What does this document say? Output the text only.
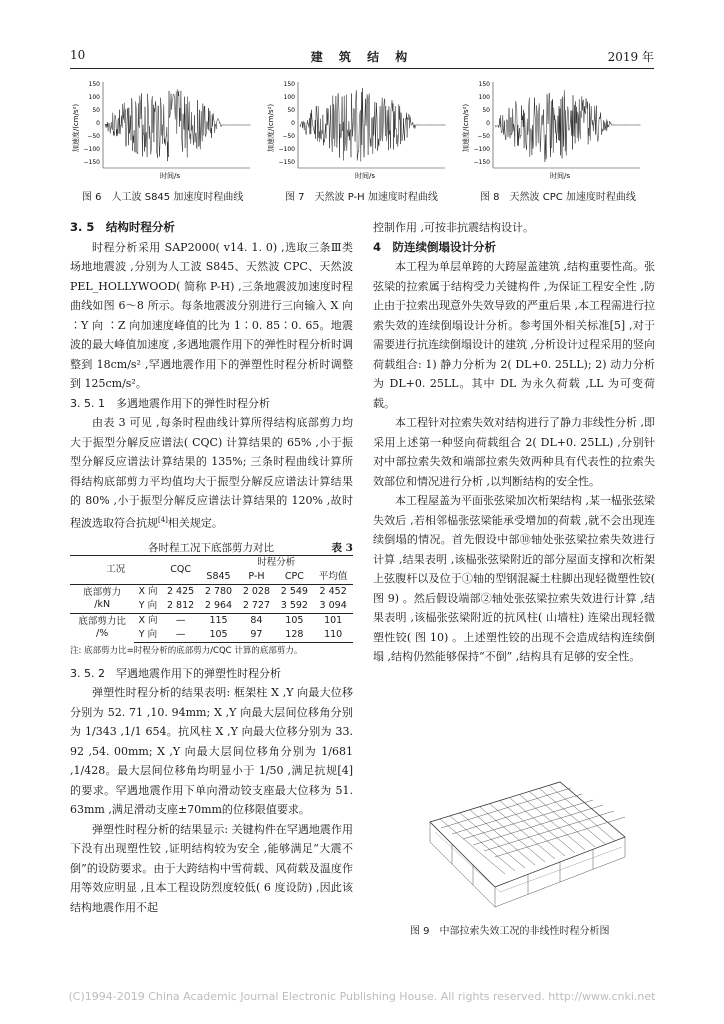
10	建 筑 结 构	2019 年
加速度/(cm/s²)
150
100
50
0
−50
−100
−150
时间/s
加速度/(cm/s²)
150
100
50
0
−50
−100
−150
时间/s
加速度/(cm/s²)
150
100
50
0
−50
−100
−150
时间/s
图 6　人工波 S845 加速度时程曲线	图 7　天然波 P-H 加速度时程曲线	图 8　天然波 CPC 加速度时程曲线
3. 5　结构时程分析

时程分析采用 SAP2000( v14. 1. 0) ,选取三条Ⅲ类场地地震波 ,分别为人工波 S845、天然波 CPC、天然波 PEL_HOLLYWOOD( 简称 P-H) ,三条地震波加速度时程曲线如图 6～8 所示。每条地震波分别进行三向输入 X 向 ∶Y 向 ∶Z 向加速度峰值的比为 1∶0. 85∶0. 65。地震波的最大峰值加速度 ,多遇地震作用下的弹性时程分析时调整到 18cm/s² ,罕遇地震作用下的弹塑性时程分析时调整到 125cm/s²。

3. 5. 1　多遇地震作用下的弹性时程分析

由表 3 可见 ,每条时程曲线计算所得结构底部剪力均大于振型分解反应谱法( CQC) 计算结果的 65% ,小于振型分解反应谱法计算结果的 135%; 三条时程曲线计算所得结构底部剪力平均值均大于振型分解反应谱法计算结果的 80% ,小于振型分解反应谱法计算结果的 120% ,故时程波选取符合抗规[4]相关规定。

各时程工况下底部剪力对比	表 3
工况		CQC	时程分析			
			S845	P-H	CPC	平均值
底部剪力
/kN	X 向	2 425	2 780	2 028	2 549	2 452
	Y 向	2 812	2 964	2 727	3 592	3 094
底部剪力比
/%	X 向	—	115	84	105	101
	Y 向	—	105	97	128	110
注: 底部剪力比=时程分析的底部剪力/CQC 计算的底部剪力。
3. 5. 2　罕遇地震作用下的弹塑性时程分析

弹塑性时程分析的结果表明: 框架柱 X ,Y 向最大位移分别为 52. 71 ,10. 94mm; X ,Y 向最大层间位移角分别为 1/343 ,1/1 654。抗风柱 X ,Y 向最大位移分别为 33. 92 ,54. 00mm; X ,Y 向最大层间位移角分别为 1/681 ,1/428。最大层间位移角均明显小于 1/50 ,满足抗规[4]的要求。罕遇地震作用下单向滑动铰支座最大位移为 51. 63mm ,满足滑动支座±70mm的位移限值要求。

弹塑性时程分析的结果显示: 关键构件在罕遇地震作用下没有出现塑性铰 ,证明结构较为安全 ,能够满足“大震不倒”的设防要求。由于大跨结构中雪荷载、风荷载及温度作用等效应明显 ,且本工程设防烈度较低( 6 度设防) ,因此该结构地震作用不起

控制作用 ,可按非抗震结构设计。

4　防连续倒塌设计分析

本工程为单层单跨的大跨屋盖建筑 ,结构重要性高。张弦梁的拉索属于结构受力关键构件 ,为保证工程安全性 ,防止由于拉索出现意外失效导致的严重后果 ,本工程需进行拉索失效的连续倒塌设计分析。参考国外相关标准[5] ,对于需要进行抗连续倒塌设计的建筑 ,分析设计过程采用的竖向荷载组合: 1) 静力分析为 2( DL+0. 25LL); 2) 动力分析为 DL+0. 25LL。其中 DL 为永久荷载 ,LL 为可变荷载。

本工程针对拉索失效对结构进行了静力非线性分析 ,即采用上述第一种竖向荷载组合 2( DL+0. 25LL) ,分别针对中部拉索失效和端部拉索失效两种具有代表性的拉索失效部位和情况进行分析 ,以判断结构的安全性。

本工程屋盖为平面张弦梁加次桁架结构 ,某一榀张弦梁失效后 ,若相邻榀张弦梁能承受增加的荷载 ,就不会出现连续倒塌的情况。首先假设中部⑩轴处张弦梁拉索失效进行计算 ,结果表明 ,该榀张弦梁附近的部分屋面支撑和次桁架上弦腹杆以及位于①轴的型钢混凝土柱脚出现轻微塑性铰( 图 9) 。然后假设端部②轴处张弦梁拉索失效进行计算 ,结果表明 ,该榀张弦梁附近的抗风柱( 山墙柱) 连梁出现轻微塑性铰( 图 10) 。上述塑性铰的出现不会造成结构连续倒塌 ,结构仍然能够保持“不倒” ,结构具有足够的安全性。

图 9　中部拉索失效工况的非线性时程分析图
(C)1994-2019 China Academic Journal Electronic Publishing House. All rights reserved. http://www.cnki.net
